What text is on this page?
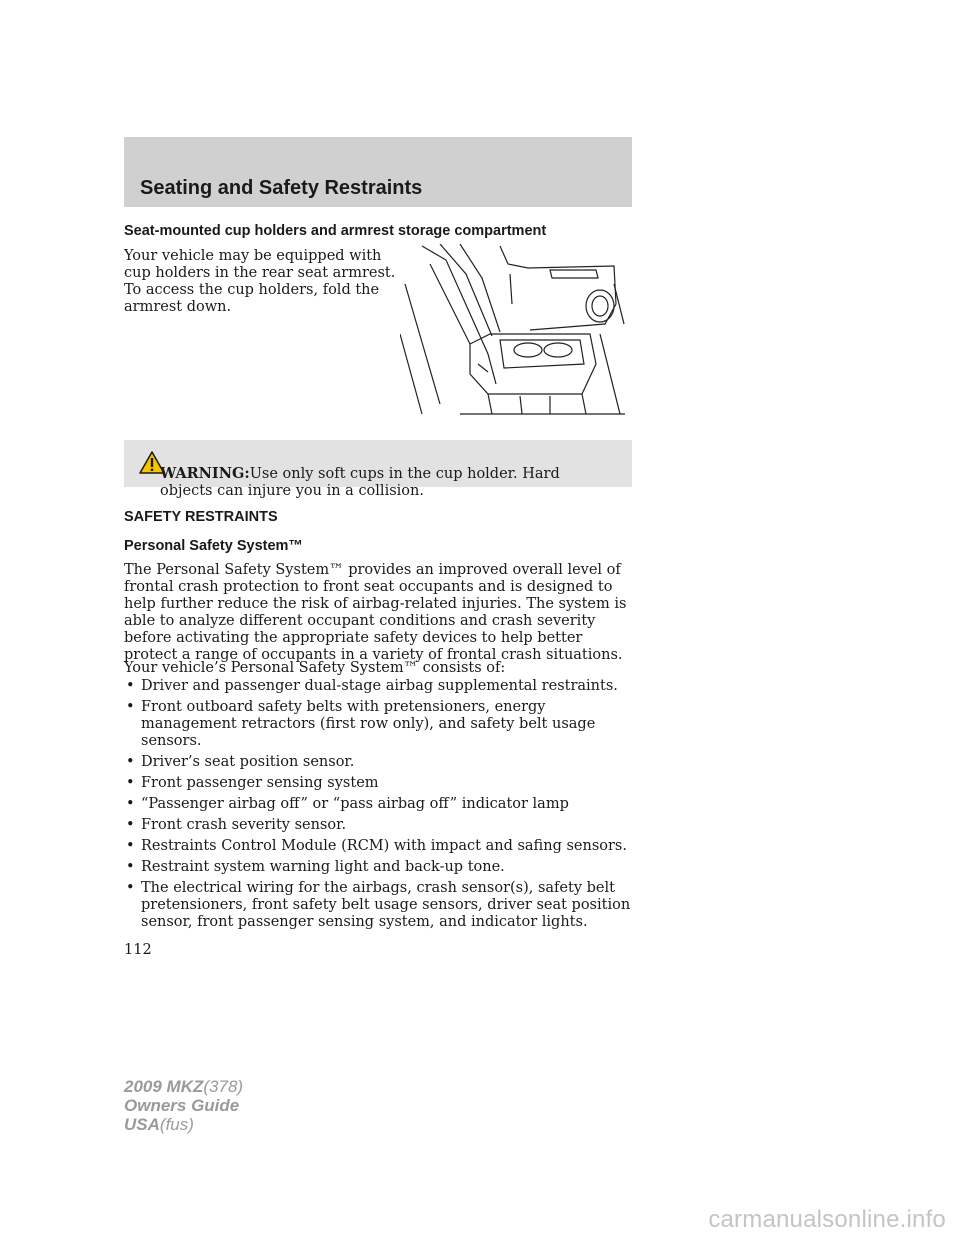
Seating and Safety Restraints
Seat-mounted cup holders and armrest storage compartment

Your vehicle may be equipped with cup holders in the rear seat armrest. To access the cup holders, fold the armrest down.

WARNING:Use only soft cups in the cup holder. Hard objects can injure you in a collision.

SAFETY RESTRAINTS
Personal Safety System™

The Personal Safety System™ provides an improved overall level of frontal crash protection to front seat occupants and is designed to help further reduce the risk of airbag-related injuries. The system is able to analyze different occupant conditions and crash severity before activating the appropriate safety devices to help better protect a range of occupants in a variety of frontal crash situations.

Your vehicle’s Personal Safety System™ consists of:

• Driver and passenger dual-stage airbag supplemental restraints.
• Front outboard safety belts with pretensioners, energy management retractors (first row only), and safety belt usage sensors.
• Driver’s seat position sensor.
• Front passenger sensing system
• “Passenger airbag off” or “pass airbag off” indicator lamp
• Front crash severity sensor.
• Restraints Control Module (RCM) with impact and safing sensors.
• Restraint system warning light and back-up tone.
• The electrical wiring for the airbags, crash sensor(s), safety belt pretensioners, front safety belt usage sensors, driver seat position sensor, front passenger sensing system, and indicator lights.

112

2009 MKZ(378)
Owners Guide
USA(fus)
carmanualsonline.info
